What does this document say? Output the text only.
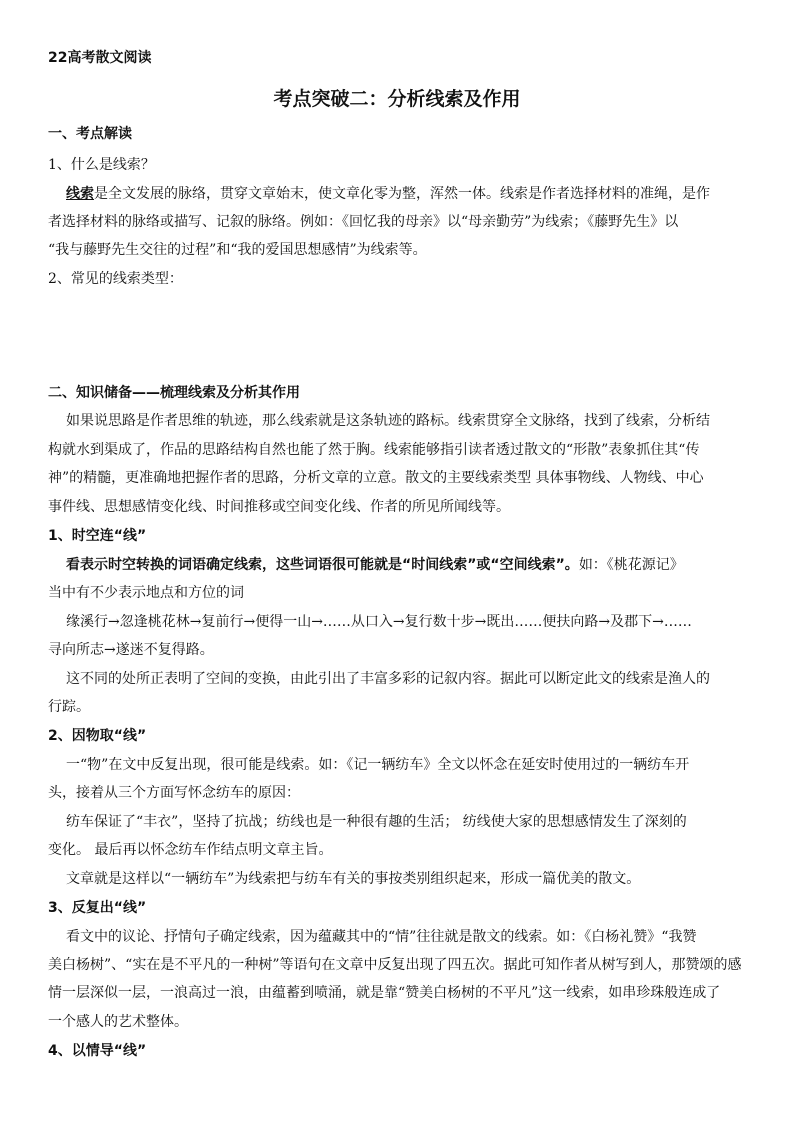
22高考散文阅读
考点突破二：分析线索及作用
一、考点解读
1、什么是线索？
线索是全文发展的脉络，贯穿文章始末，使文章化零为整，浑然一体。线索是作者选择材料的准绳，是作
者选择材料的脉络或描写、记叙的脉络。例如：《回忆我的母亲》以“母亲勤劳”为线索；《藤野先生》以
“我与藤野先生交往的过程”和“我的爱国思想感情”为线索等。
2、常见的线索类型：
二、知识储备——梳理线索及分析其作用
如果说思路是作者思维的轨迹，那么线索就是这条轨迹的路标。线索贯穿全文脉络，找到了线索，分析结
构就水到渠成了，作品的思路结构自然也能了然于胸。线索能够指引读者透过散文的“形散”表象抓住其“传
神”的精髓，更准确地把握作者的思路，分析文章的立意。散文的主要线索类型 具体事物线、人物线、中心
事件线、思想感情变化线、时间推移或空间变化线、作者的所见所闻线等。
1、时空连“线”
看表示时空转换的词语确定线索，这些词语很可能就是“时间线索”或“空间线索”。如：《桃花源记》
当中有不少表示地点和方位的词
缘溪行→忽逢桃花林→复前行→便得一山→……从口入→复行数十步→既出……便扶向路→及郡下→……
寻向所志→遂迷不复得路。
这不同的处所正表明了空间的变换，由此引出了丰富多彩的记叙内容。据此可以断定此文的线索是渔人的
行踪。
2、因物取“线”
一“物”在文中反复出现，很可能是线索。如：《记一辆纺车》全文以怀念在延安时使用过的一辆纺车开
头，接着从三个方面写怀念纺车的原因：
纺车保证了“丰衣”，坚持了抗战；纺线也是一种很有趣的生活； 纺线使大家的思想感情发生了深刻的
变化。 最后再以怀念纺车作结点明文章主旨。
文章就是这样以“一辆纺车”为线索把与纺车有关的事按类别组织起来，形成一篇优美的散文。
3、反复出“线”
看文中的议论、抒情句子确定线索，因为蕴藏其中的“情”往往就是散文的线索。如：《白杨礼赞》“我赞
美白杨树”、“实在是不平凡的一种树”等语句在文章中反复出现了四五次。据此可知作者从树写到人，那赞颂的感
情一层深似一层，一浪高过一浪，由蕴蓄到喷涌，就是靠“赞美白杨树的不平凡”这一线索，如串珍珠般连成了
一个感人的艺术整体。
4、以情导“线”
